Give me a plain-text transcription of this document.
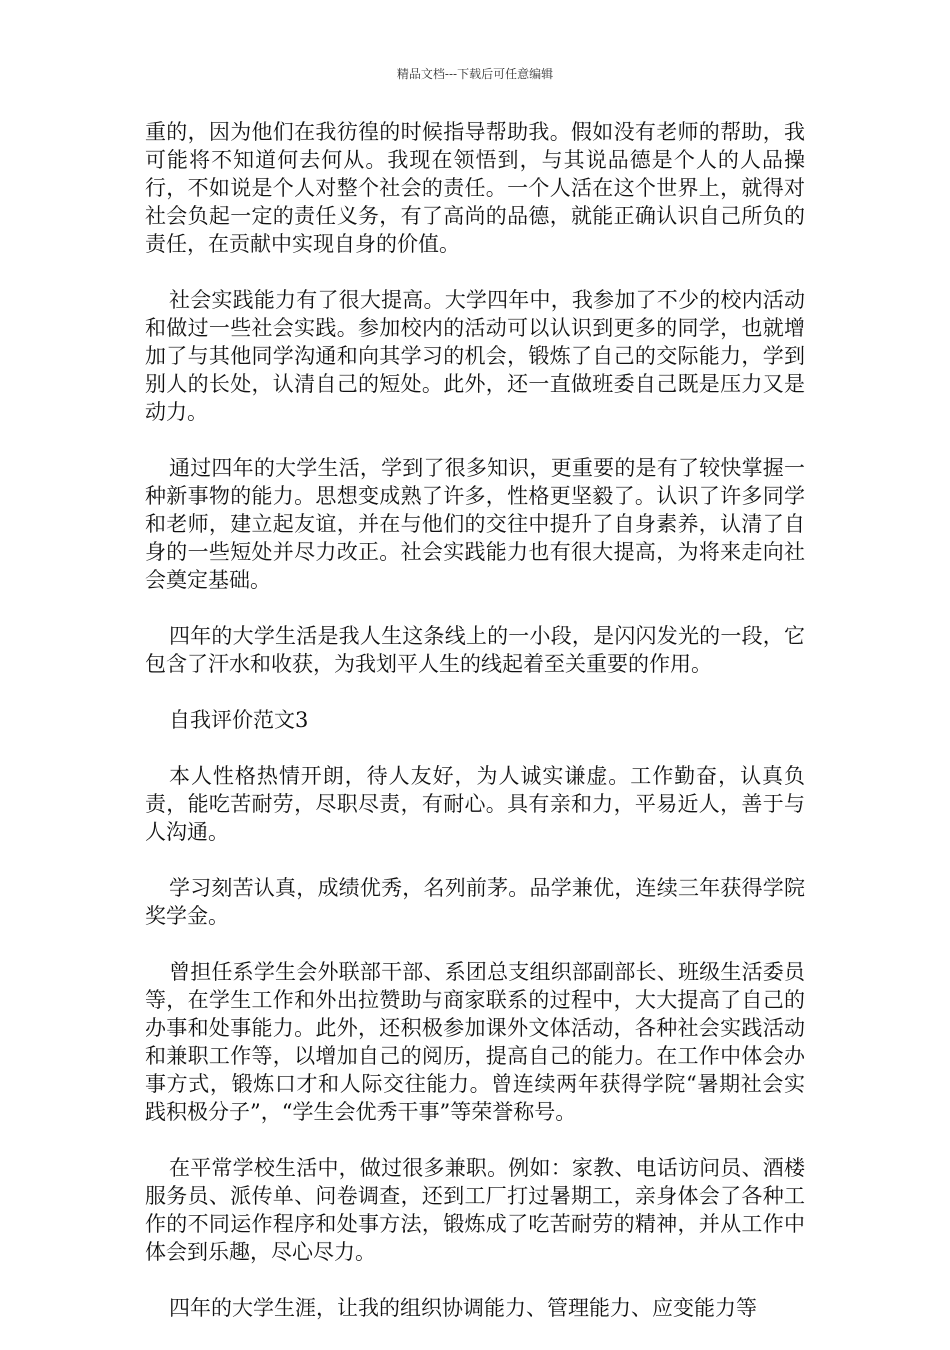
精品文档---下载后可任意编辑

重的，因为他们在我彷徨的时候指导帮助我。假如没有老师的帮助，我可能将不知道何去何从。我现在领悟到，与其说品德是个人的人品操行，不如说是个人对整个社会的责任。一个人活在这个世界上，就得对社会负起一定的责任义务，有了高尚的品德，就能正确认识自己所负的责任，在贡献中实现自身的价值。

社会实践能力有了很大提高。大学四年中，我参加了不少的校内活动和做过一些社会实践。参加校内的活动可以认识到更多的同学，也就增加了与其他同学沟通和向其学习的机会，锻炼了自己的交际能力，学到别人的长处，认清自己的短处。此外，还一直做班委自己既是压力又是动力。

通过四年的大学生活，学到了很多知识，更重要的是有了较快掌握一种新事物的能力。思想变成熟了许多，性格更坚毅了。认识了许多同学和老师，建立起友谊，并在与他们的交往中提升了自身素养，认清了自身的一些短处并尽力改正。社会实践能力也有很大提高，为将来走向社会奠定基础。

四年的大学生活是我人生这条线上的一小段，是闪闪发光的一段，它包含了汗水和收获，为我划平人生的线起着至关重要的作用。

自我评价范文3

本人性格热情开朗，待人友好，为人诚实谦虚。工作勤奋，认真负责，能吃苦耐劳，尽职尽责，有耐心。具有亲和力，平易近人，善于与人沟通。

学习刻苦认真，成绩优秀，名列前茅。品学兼优，连续三年获得学院奖学金。

曾担任系学生会外联部干部、系团总支组织部副部长、班级生活委员等，在学生工作和外出拉赞助与商家联系的过程中，大大提高了自己的办事和处事能力。此外，还积极参加课外文体活动，各种社会实践活动和兼职工作等，以增加自己的阅历，提高自己的能力。在工作中体会办事方式，锻炼口才和人际交往能力。曾连续两年获得学院“暑期社会实践积极分子”，“学生会优秀干事”等荣誉称号。

在平常学校生活中，做过很多兼职。例如：家教、电话访问员、酒楼服务员、派传单、问卷调查，还到工厂打过暑期工，亲身体会了各种工作的不同运作程序和处事方法，锻炼成了吃苦耐劳的精神，并从工作中体会到乐趣，尽心尽力。

四年的大学生涯，让我的组织协调能力、管理能力、应变能力等
